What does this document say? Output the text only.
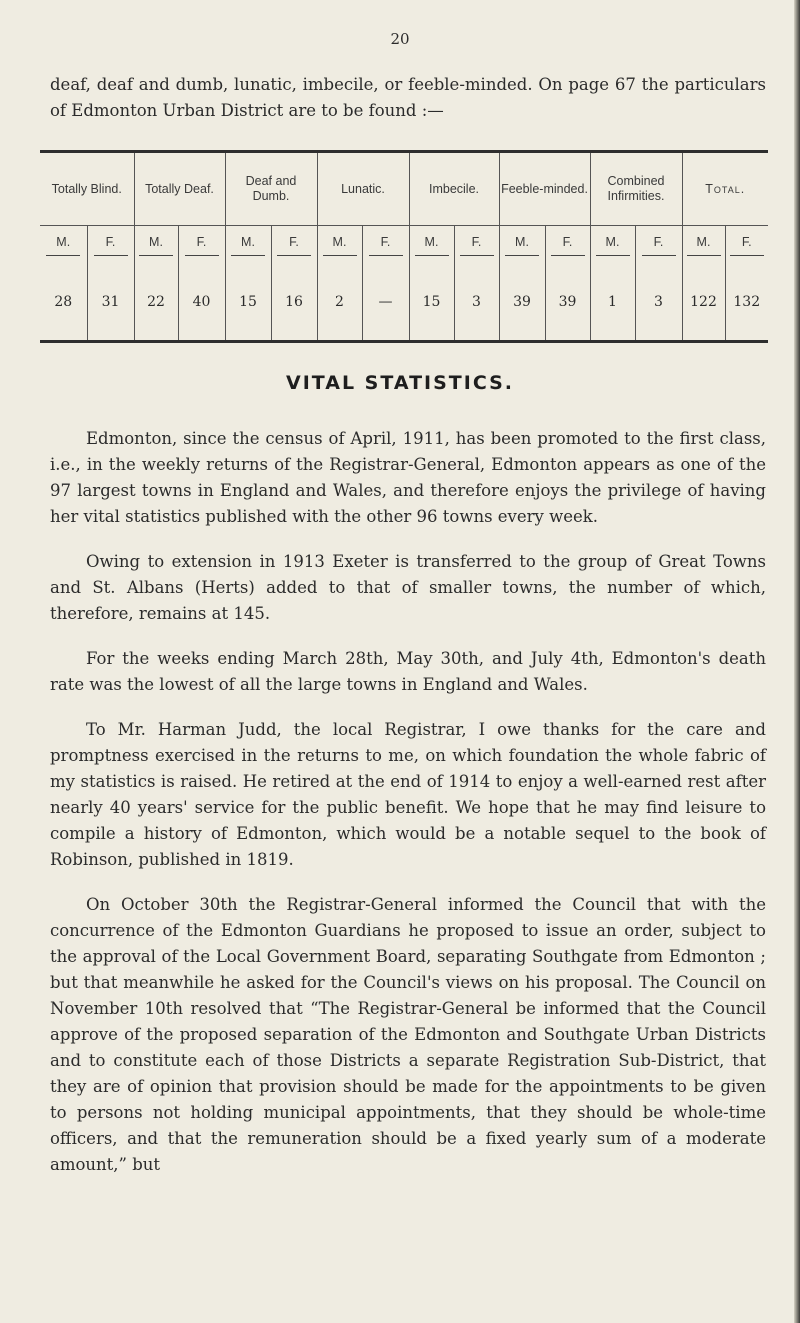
20
deaf, deaf and dumb, lunatic, imbecile, or feeble-minded. On page 67 the particulars of Edmonton Urban District are to be found :—
Totally Blind.		Totally Deaf.		Deaf and Dumb.		Lunatic.		Imbecile.		Feeble-minded.		Combined Infirmities.		Total.	
M.	F.	M.	F.	M.	F.	M.	F.	M.	F.	M.	F.	M.	F.	M.	F.
28	31	22	40	15	16	2	—	15	3	39	39	1	3	122	132
VITAL STATISTICS.

Edmonton, since the census of April, 1911, has been promoted to the first class, i.e., in the weekly returns of the Registrar-General, Edmonton appears as one of the 97 largest towns in England and Wales, and therefore enjoys the privilege of having her vital statistics published with the other 96 towns every week.

Owing to extension in 1913 Exeter is transferred to the group of Great Towns and St. Albans (Herts) added to that of smaller towns, the number of which, therefore, remains at 145.

For the weeks ending March 28th, May 30th, and July 4th, Edmonton's death rate was the lowest of all the large towns in England and Wales.

To Mr. Harman Judd, the local Registrar, I owe thanks for the care and promptness exercised in the returns to me, on which foundation the whole fabric of my statistics is raised. He retired at the end of 1914 to enjoy a well-earned rest after nearly 40 years' service for the public benefit. We hope that he may find leisure to compile a history of Edmonton, which would be a notable sequel to the book of Robinson, published in 1819.

On October 30th the Registrar-General informed the Council that with the concurrence of the Edmonton Guardians he proposed to issue an order, subject to the approval of the Local Government Board, separating Southgate from Edmonton ; but that meanwhile he asked for the Council's views on his proposal. The Council on November 10th resolved that “The Registrar-General be informed that the Council approve of the proposed separation of the Edmonton and Southgate Urban Districts and to constitute each of those Districts a separate Registration Sub-District, that they are of opinion that provision should be made for the appointments to be given to persons not holding municipal appointments, that they should be whole-time officers, and that the remuneration should be a fixed yearly sum of a moderate amount,” but
